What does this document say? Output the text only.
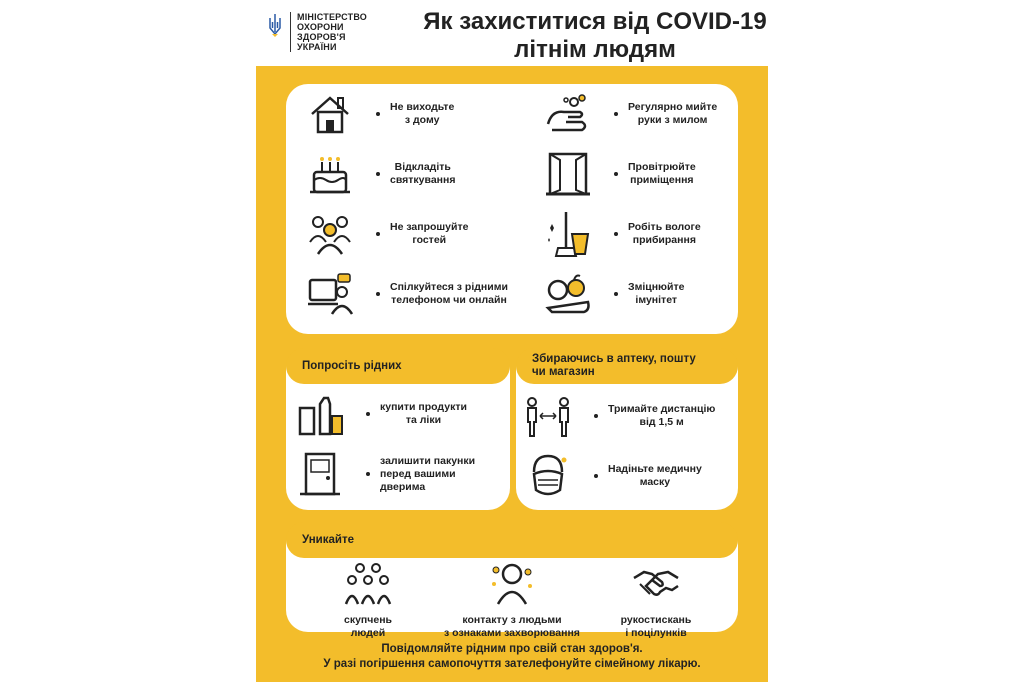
МІНІСТЕРСТВО
ОХОРОНИ
ЗДОРОВ'Я
УКРАЇНИ
Як захиститися від COVID-19
літнім людям
Не виходьте
з дому
Відкладіть
святкування
Не запрошуйте
гостей
Спілкуйтеся з рідними
телефоном чи онлайн
Регулярно мийте
руки з милом
Провітрюйте
приміщення
Робіть вологе
прибирання
Зміцнюйте
імунітет
Попросіть рідних
купити продукти
та ліки
залишити пакунки
перед вашими
дверима
Збираючись в аптеку, пошту
чи магазин
Тримайте дистанцію
від 1,5 м
Надіньте медичну
маску
Уникайте
скупчень
людей
контакту з людьми
з ознаками захворювання
рукостискань
і поцілунків
Повідомляйте рідним про свій стан здоров'я.
У разі погіршення самопочуття зателефонуйте сімейному лікарю.
